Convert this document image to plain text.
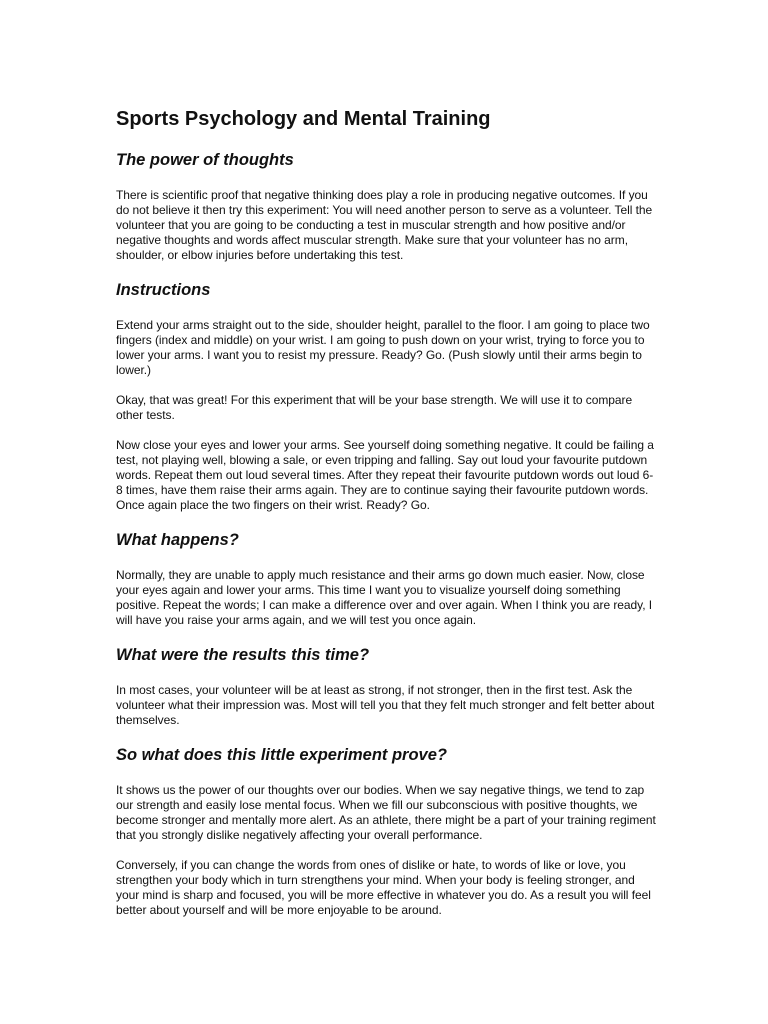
Sports Psychology and Mental Training
The power of thoughts

There is scientific proof that negative thinking does play a role in producing negative outcomes. If you do not believe it then try this experiment: You will need another person to serve as a volunteer. Tell the volunteer that you are going to be conducting a test in muscular strength and how positive and/or negative thoughts and words affect muscular strength. Make sure that your volunteer has no arm, shoulder, or elbow injuries before undertaking this test.

Instructions

Extend your arms straight out to the side, shoulder height, parallel to the floor. I am going to place two fingers (index and middle) on your wrist. I am going to push down on your wrist, trying to force you to lower your arms. I want you to resist my pressure. Ready? Go. (Push slowly until their arms begin to lower.)

Okay, that was great! For this experiment that will be your base strength. We will use it to compare other tests.

Now close your eyes and lower your arms. See yourself doing something negative. It could be failing a test, not playing well, blowing a sale, or even tripping and falling. Say out loud your favourite putdown words. Repeat them out loud several times. After they repeat their favourite putdown words out loud 6-8 times, have them raise their arms again. They are to continue saying their favourite putdown words. Once again place the two fingers on their wrist. Ready? Go.

What happens?

Normally, they are unable to apply much resistance and their arms go down much easier. Now, close your eyes again and lower your arms. This time I want you to visualize yourself doing something positive. Repeat the words; I can make a difference over and over again. When I think you are ready, I will have you raise your arms again, and we will test you once again.

What were the results this time?

In most cases, your volunteer will be at least as strong, if not stronger, then in the first test. Ask the volunteer what their impression was. Most will tell you that they felt much stronger and felt better about themselves.

So what does this little experiment prove?

It shows us the power of our thoughts over our bodies. When we say negative things, we tend to zap our strength and easily lose mental focus. When we fill our subconscious with positive thoughts, we become stronger and mentally more alert. As an athlete, there might be a part of your training regiment that you strongly dislike negatively affecting your overall performance.

Conversely, if you can change the words from ones of dislike or hate, to words of like or love, you strengthen your body which in turn strengthens your mind. When your body is feeling stronger, and your mind is sharp and focused, you will be more effective in whatever you do. As a result you will feel better about yourself and will be more enjoyable to be around.
